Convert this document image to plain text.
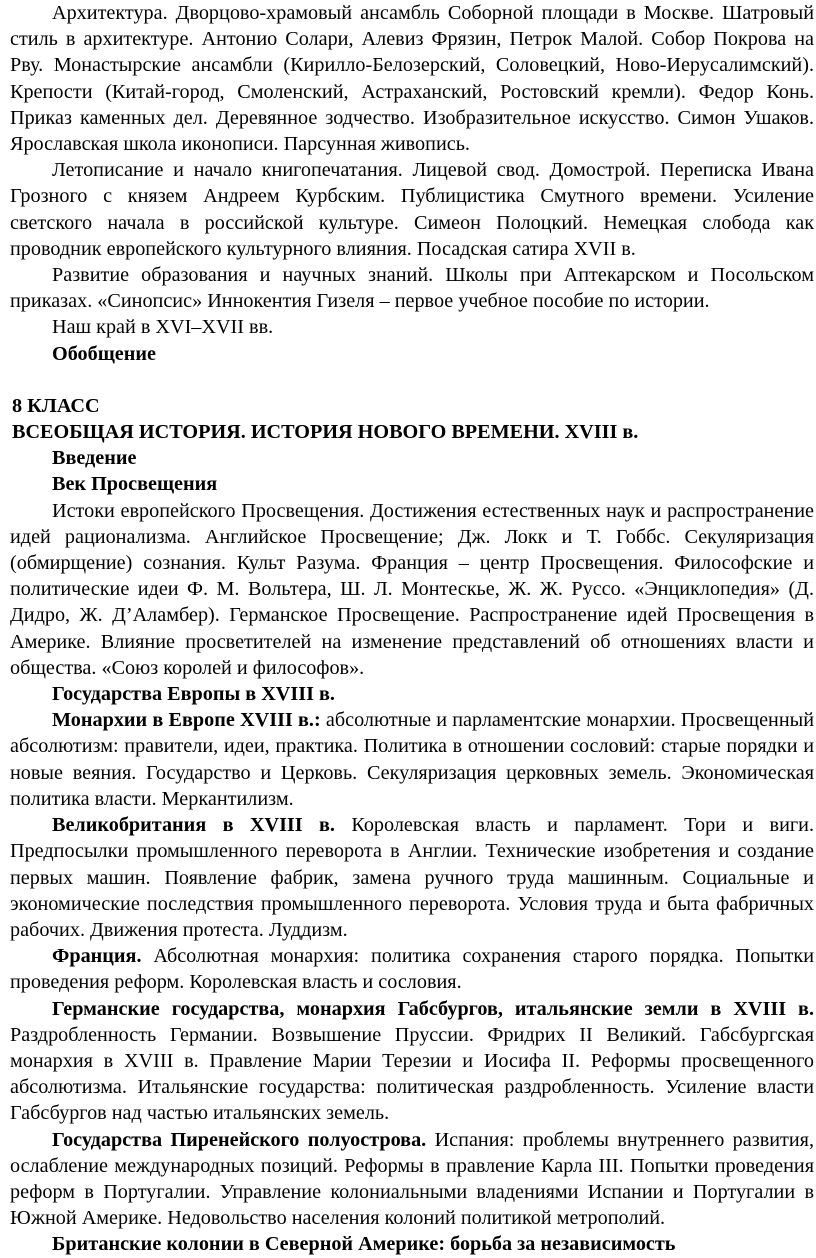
Архитектура. Дворцово-храмовый ансамбль Соборной площади в Москве. Шатровый стиль в архитектуре. Антонио Солари, Алевиз Фрязин, Петрок Малой. Собор Покрова на Рву. Монастырские ансамбли (Кирилло-Белозерский, Соловецкий, Ново-Иерусалимский). Крепости (Китай-город, Смоленский, Астраханский, Ростовский кремли). Федор Конь. Приказ каменных дел. Деревянное зодчество. Изобразительное искусство. Симон Ушаков. Ярославская школа иконописи. Парсунная живопись.

Летописание и начало книгопечатания. Лицевой свод. Домострой. Переписка Ивана Грозного с князем Андреем Курбским. Публицистика Смутного времени. Усиление светского начала в российской культуре. Симеон Полоцкий. Немецкая слобода как проводник европейского культурного влияния. Посадская сатира XVII в.

Развитие образования и научных знаний. Школы при Аптекарском и Посольском приказах. «Синопсис» Иннокентия Гизеля – первое учебное пособие по истории.

Наш край в XVI–XVII вв.

Обобщение

8 КЛАСС

ВСЕОБЩАЯ ИСТОРИЯ. ИСТОРИЯ НОВОГО ВРЕМЕНИ. XVIII в.

Введение

Век Просвещения

Истоки европейского Просвещения. Достижения естественных наук и распространение идей рационализма. Английское Просвещение; Дж. Локк и Т. Гоббс. Секуляризация (обмирщение) сознания. Культ Разума. Франция – центр Просвещения. Философские и политические идеи Ф. М. Вольтера, Ш. Л. Монтескье, Ж. Ж. Руссо. «Энциклопедия» (Д. Дидро, Ж. Д’Аламбер). Германское Просвещение. Распространение идей Просвещения в Америке. Влияние просветителей на изменение представлений об отношениях власти и общества. «Союз королей и философов».

Государства Европы в XVIII в.

Монархии в Европе XVIII в.: абсолютные и парламентские монархии. Просвещенный абсолютизм: правители, идеи, практика. Политика в отношении сословий: старые порядки и новые веяния. Государство и Церковь. Секуляризация церковных земель. Экономическая политика власти. Меркантилизм.

Великобритания в XVIII в. Королевская власть и парламент. Тори и виги. Предпосылки промышленного переворота в Англии. Технические изобретения и создание первых машин. Появление фабрик, замена ручного труда машинным. Социальные и экономические последствия промышленного переворота. Условия труда и быта фабричных рабочих. Движения протеста. Луддизм.

Франция. Абсолютная монархия: политика сохранения старого порядка. Попытки проведения реформ. Королевская власть и сословия.

Германские государства, монархия Габсбургов, итальянские земли в XVIII в. Раздробленность Германии. Возвышение Пруссии. Фридрих II Великий. Габсбургская монархия в XVIII в. Правление Марии Терезии и Иосифа II. Реформы просвещенного абсолютизма. Итальянские государства: политическая раздробленность. Усиление власти Габсбургов над частью итальянских земель.

Государства Пиренейского полуострова. Испания: проблемы внутреннего развития, ослабление международных позиций. Реформы в правление Карла III. Попытки проведения реформ в Португалии. Управление колониальными владениями Испании и Португалии в Южной Америке. Недовольство населения колоний политикой метрополий.

Британские колонии в Северной Америке: борьба за независимость
